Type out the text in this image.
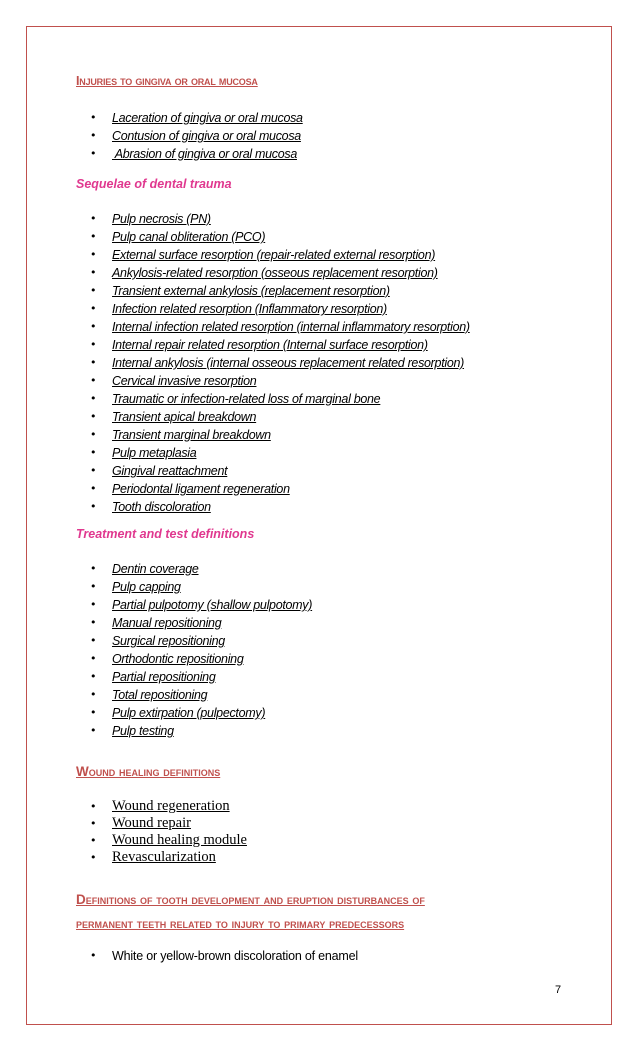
Injuries to gingiva or oral mucosa
• Laceration of gingiva or oral mucosa
• Contusion of gingiva or oral mucosa
•  Abrasion of gingiva or oral mucosa
Sequelae of dental trauma
• Pulp necrosis (PN)
• Pulp canal obliteration (PCO)
• External surface resorption (repair-related external resorption)
• Ankylosis-related resorption (osseous replacement resorption)
• Transient external ankylosis (replacement resorption)
• Infection related resorption (Inflammatory resorption)
• Internal infection related resorption (internal inflammatory resorption)
• Internal repair related resorption (Internal surface resorption)
• Internal ankylosis (internal osseous replacement related resorption)
• Cervical invasive resorption
• Traumatic or infection-related loss of marginal bone
• Transient apical breakdown
• Transient marginal breakdown
• Pulp metaplasia
• Gingival reattachment
• Periodontal ligament regeneration
• Tooth discoloration
Treatment and test definitions
• Dentin coverage
• Pulp capping
• Partial pulpotomy (shallow pulpotomy)
• Manual repositioning
• Surgical repositioning
• Orthodontic repositioning
• Partial repositioning
• Total repositioning
• Pulp extirpation (pulpectomy)
• Pulp testing
Wound healing definitions
• Wound regeneration
• Wound repair
• Wound healing module
• Revascularization
Definitions of tooth development and eruption disturbances of
permanent teeth related to injury to primary predecessors
• White or yellow-brown discoloration of enamel
7
